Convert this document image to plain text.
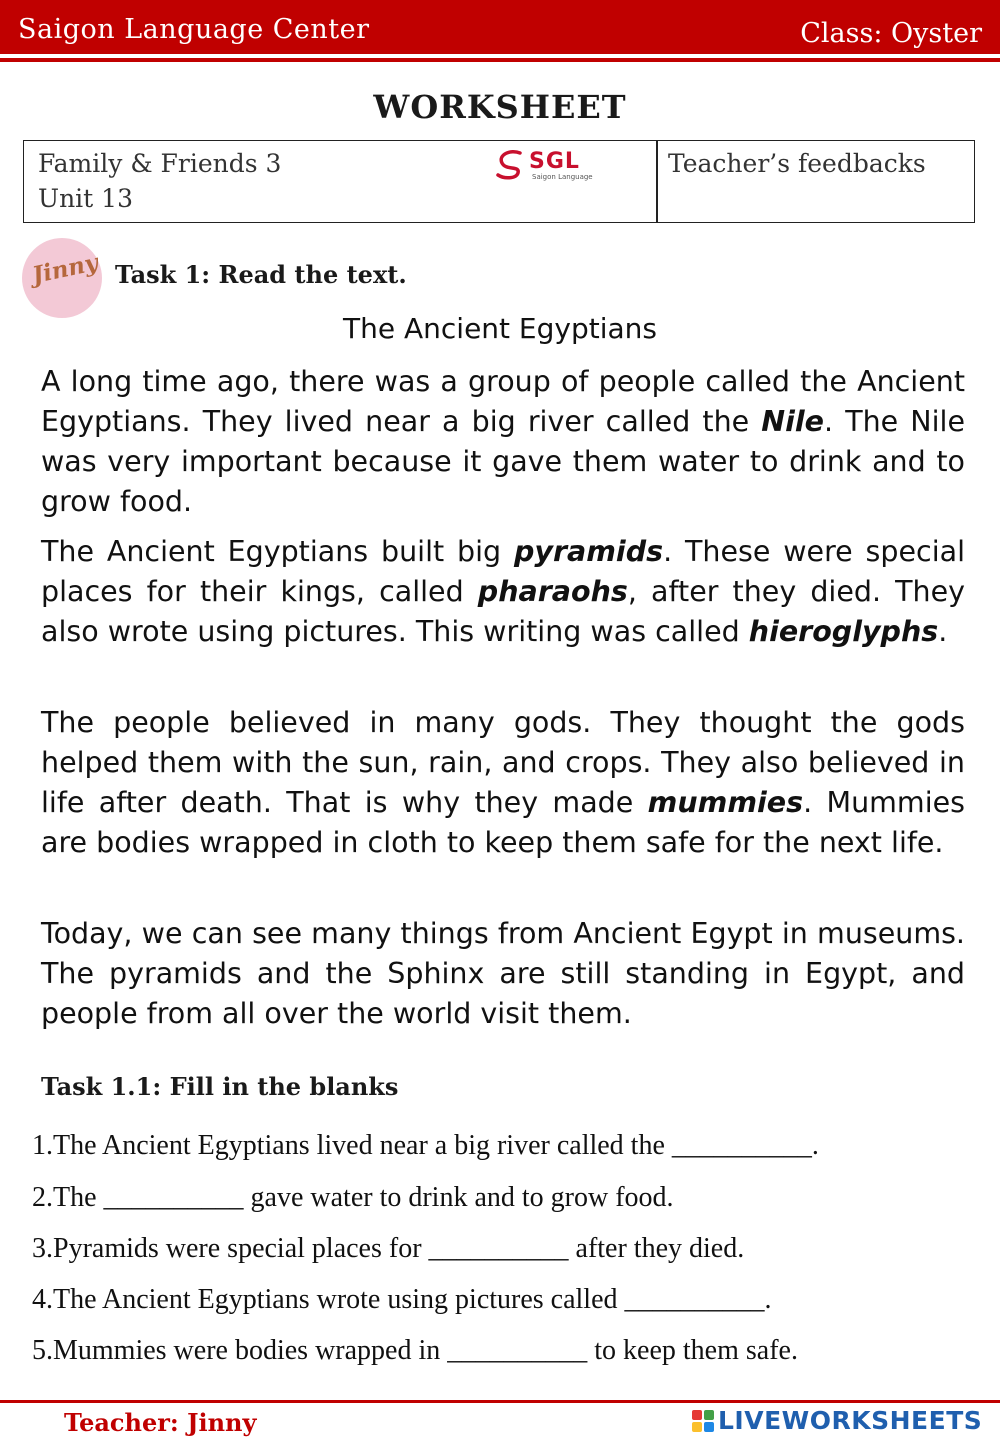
Saigon Language Center	Class: Oyster
WORKSHEET
Family & Friends 3
Unit 13
SGL
Saigon Language	Teacher’s feedbacks
Jinny Task 1: Read the text.
The Ancient Egyptians

A long time ago, there was a group of people called the Ancient Egyptians. They lived near a big river called the Nile. The Nile was very important because it gave them water to drink and to grow food.

The Ancient Egyptians built big pyramids. These were special places for their kings, called pharaohs, after they died. They also wrote using pictures. This writing was called hieroglyphs.

The people believed in many gods. They thought the gods helped them with the sun, rain, and crops. They also believed in life after death. That is why they made mummies. Mummies are bodies wrapped in cloth to keep them safe for the next life.

Today, we can see many things from Ancient Egypt in museums. The pyramids and the Sphinx are still standing in Egypt, and people from all over the world visit them.

Task 1.1: Fill in the blanks
1.The Ancient Egyptians lived near a big river called the __________.
2.The __________ gave water to drink and to grow food.
3.Pyramids were special places for __________ after they died.
4.The Ancient Egyptians wrote using pictures called __________.
5.Mummies were bodies wrapped in __________ to keep them safe.
Teacher: Jinny	LIVEWORKSHEETS
